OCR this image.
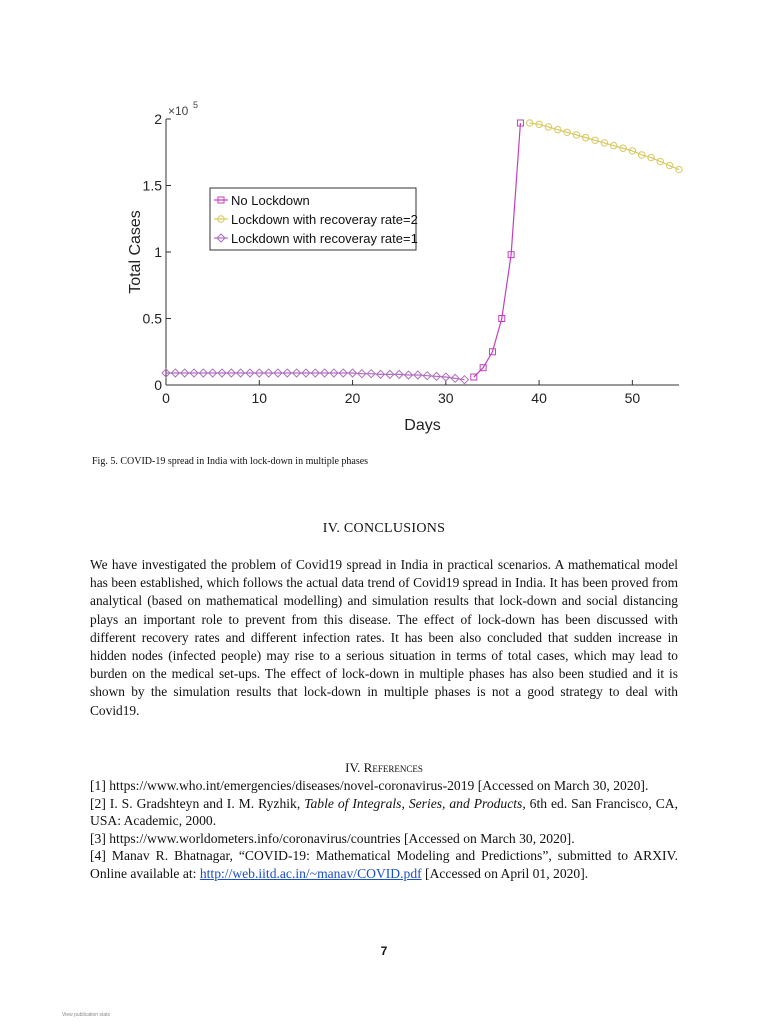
0	10	20	30	40	50
0
0.5
1
1.5
2 ×10 5
Days
Total Cases
No Lockdown
Lockdown with recoveray rate=2
Lockdown with recoveray rate=1
Fig. 5. COVID-19 spread in India with lock-down in multiple phases
IV. CONCLUSIONS
We have investigated the problem of Covid19 spread in India in practical scenarios. A mathematical model has been established, which follows the actual data trend of Covid19 spread in India. It has been proved from analytical (based on mathematical modelling) and simulation results that lock-down and social distancing plays an important role to prevent from this disease. The effect of lock-down has been discussed with different recovery rates and different infection rates. It has been also concluded that sudden increase in hidden nodes (infected people) may rise to a serious situation in terms of total cases, which may lead to burden on the medical set-ups. The effect of lock-down in multiple phases has also been studied and it is shown by the simulation results that lock-down in multiple phases is not a good strategy to deal with Covid19.
IV. References

[1] https://www.who.int/emergencies/diseases/novel-coronavirus-2019 [Accessed on March 30, 2020].

[2] I. S. Gradshteyn and I. M. Ryzhik, Table of Integrals, Series, and Products, 6th ed. San Francisco, CA, USA: Academic, 2000.

[3] https://www.worldometers.info/coronavirus/countries [Accessed on March 30, 2020].

[4] Manav R. Bhatnagar, “COVID-19: Mathematical Modeling and Predictions”, submitted to ARXIV. Online available at: http://web.iitd.ac.in/~manav/COVID.pdf [Accessed on April 01, 2020].

7
View publication stats
